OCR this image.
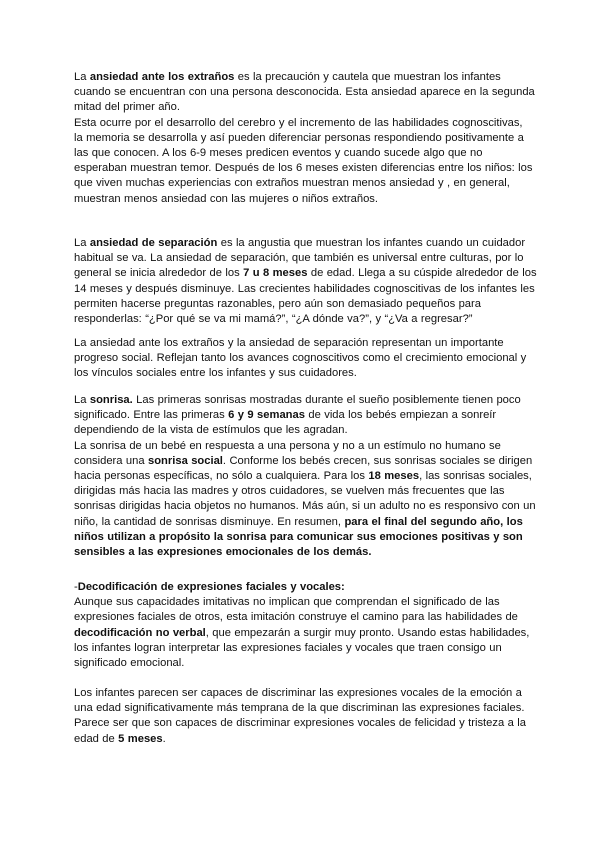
La ansiedad ante los extraños es la precaución y cautela que muestran los infantes
cuando se encuentran con una persona desconocida. Esta ansiedad aparece en la segunda
mitad del primer año.
Esta ocurre por el desarrollo del cerebro y el incremento de las habilidades cognoscitivas,
la memoria se desarrolla y así pueden diferenciar personas respondiendo positivamente a
las que conocen. A los 6-9 meses predicen eventos y cuando sucede algo que no
esperaban muestran temor. Después de los 6 meses existen diferencias entre los niños: los
que viven muchas experiencias con extraños muestran menos ansiedad y , en general,
muestran menos ansiedad con las mujeres o niños extraños.

La ansiedad de separación es la angustia que muestran los infantes cuando un cuidador
habitual se va. La ansiedad de separación, que también es universal entre culturas, por lo
general se inicia alrededor de los 7 u 8 meses de edad. Llega a su cúspide alrededor de los
14 meses y después disminuye. Las crecientes habilidades cognoscitivas de los infantes les
permiten hacerse preguntas razonables, pero aún son demasiado pequeños para
responderlas: “¿Por qué se va mi mamá?”, “¿A dónde va?”, y “¿Va a regresar?”

La ansiedad ante los extraños y la ansiedad de separación representan un importante
progreso social. Reflejan tanto los avances cognoscitivos como el crecimiento emocional y
los vínculos sociales entre los infantes y sus cuidadores.

La sonrisa. Las primeras sonrisas mostradas durante el sueño posiblemente tienen poco
significado. Entre las primeras 6 y 9 semanas de vida los bebés empiezan a sonreír
dependiendo de la vista de estímulos que les agradan.
La sonrisa de un bebé en respuesta a una persona y no a un estímulo no humano se
considera una sonrisa social. Conforme los bebés crecen, sus sonrisas sociales se dirigen
hacia personas específicas, no sólo a cualquiera. Para los 18 meses, las sonrisas sociales,
dirigidas más hacia las madres y otros cuidadores, se vuelven más frecuentes que las
sonrisas dirigidas hacia objetos no humanos. Más aún, si un adulto no es responsivo con un
niño, la cantidad de sonrisas disminuye. En resumen, para el final del segundo año, los
niños utilizan a propósito la sonrisa para comunicar sus emociones positivas y son
sensibles a las expresiones emocionales de los demás.

-Decodificación de expresiones faciales y vocales:
Aunque sus capacidades imitativas no implican que comprendan el significado de las
expresiones faciales de otros, esta imitación construye el camino para las habilidades de
decodificación no verbal, que empezarán a surgir muy pronto. Usando estas habilidades,
los infantes logran interpretar las expresiones faciales y vocales que traen consigo un
significado emocional.

Los infantes parecen ser capaces de discriminar las expresiones vocales de la emoción a
una edad significativamente más temprana de la que discriminan las expresiones faciales.
Parece ser que son capaces de discriminar expresiones vocales de felicidad y tristeza a la
edad de 5 meses.
